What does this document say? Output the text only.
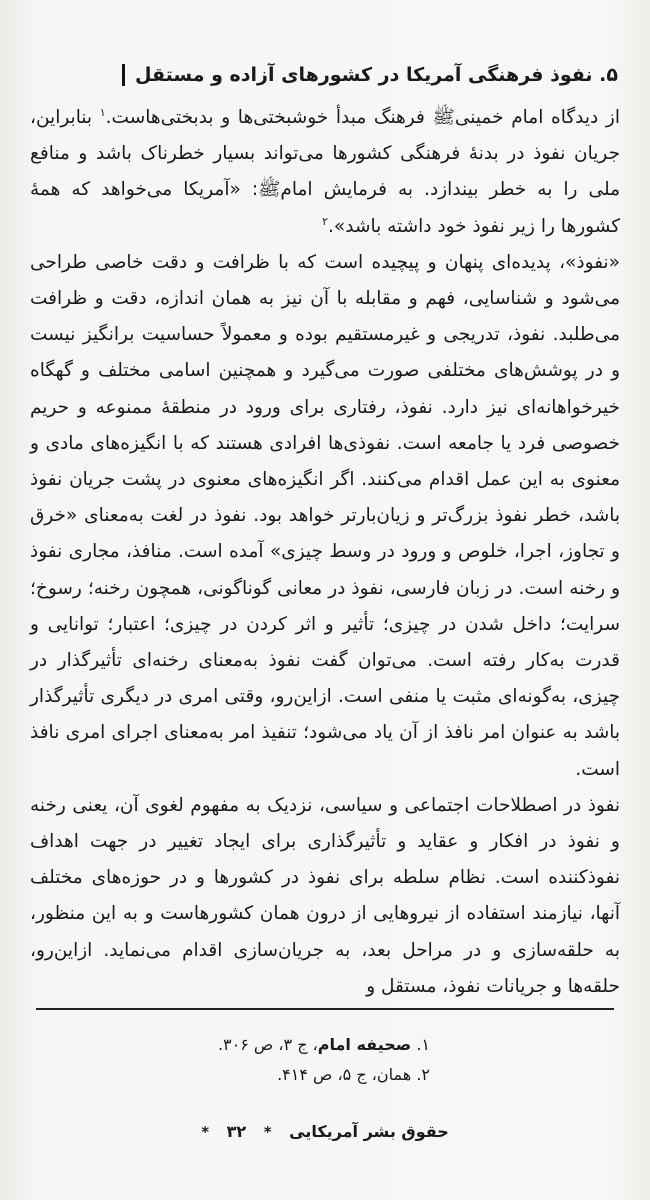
۵. نفوذ فرهنگی آمریکا در کشورهای آزاده و مستقل

از دیدگاه امام خمینیﷺ فرهنگ مبدأ خوشبختی‌ها و بدبختی‌هاست.$^۱$ بنابراین، جریان نفوذ در بدنهٔ فرهنگی کشورها می‌تواند بسیار خطرناک باشد و منافع ملی را به خطر بیندازد. به فرمایش امامﷺ: «آمریکا می‌خواهد که همهٔ کشورها را زیر نفوذ خود داشته باشد».$^۲$

«نفوذ»، پدیده‌ای پنهان و پیچیده است که با ظرافت و دقت خاصی طراحی می‌شود و شناسایی، فهم و مقابله با آن نیز به همان اندازه، دقت و ظرافت می‌طلبد. نفوذ، تدریجی و غیرمستقیم بوده و معمولاً حساسیت برانگیز نیست و در پوشش‌های مختلفی صورت می‌گیرد و همچنین اسامی مختلف و گهگاه خیرخواهانه‌ای نیز دارد. نفوذ، رفتاری برای ورود در منطقهٔ ممنوعه و حریم خصوصی فرد یا جامعه است. نفوذی‌ها افرادی هستند که با انگیزه‌های مادی و معنوی به این عمل اقدام می‌کنند. اگر انگیزه‌های معنوی در پشت جریان نفوذ باشد، خطر نفوذ بزرگ‌تر و زیان‌بارتر خواهد بود. نفوذ در لغت به‌معنای «خرق و تجاوز، اجرا، خلوص و ورود در وسط چیزی» آمده است. منافذ، مجاری نفوذ و رخنه است. در زبان فارسی، نفوذ در معانی گوناگونی، همچون رخنه؛ رسوخ؛ سرایت؛ داخل شدن در چیزی؛ تأثیر و اثر کردن در چیزی؛ اعتبار؛ توانایی و قدرت به‌کار رفته است. می‌توان گفت نفوذ به‌معنای رخنه‌ای تأثیرگذار در چیزی، به‌گونه‌ای مثبت یا منفی است. ازاین‌رو، وقتی امری در دیگری تأثیرگذار باشد به عنوان امر نافذ از آن یاد می‌شود؛ تنفیذ امر به‌معنای اجرای امری نافذ است.

نفوذ در اصطلاحات اجتماعی و سیاسی، نزدیک به مفهوم لغوی آن، یعنی رخنه و نفوذ در افکار و عقاید و تأثیرگذاری برای ایجاد تغییر در جهت اهداف نفوذکننده است. نظام سلطه برای نفوذ در کشورها و در حوزه‌های مختلف آنها، نیازمند استفاده از نیروهایی از درون همان کشورهاست و به این منظور، به حلقه‌سازی و در مراحل بعد، به جریان‌سازی اقدام می‌نماید. ازاین‌رو، حلقه‌ها و جریانات نفوذ، مستقل و

۱. صحیفه امام، ج ۳، ص ۳۰۶.
۲. همان، ج ۵، ص ۴۱۴.
حقوق بشر آمریکایی * ۳۲ *
